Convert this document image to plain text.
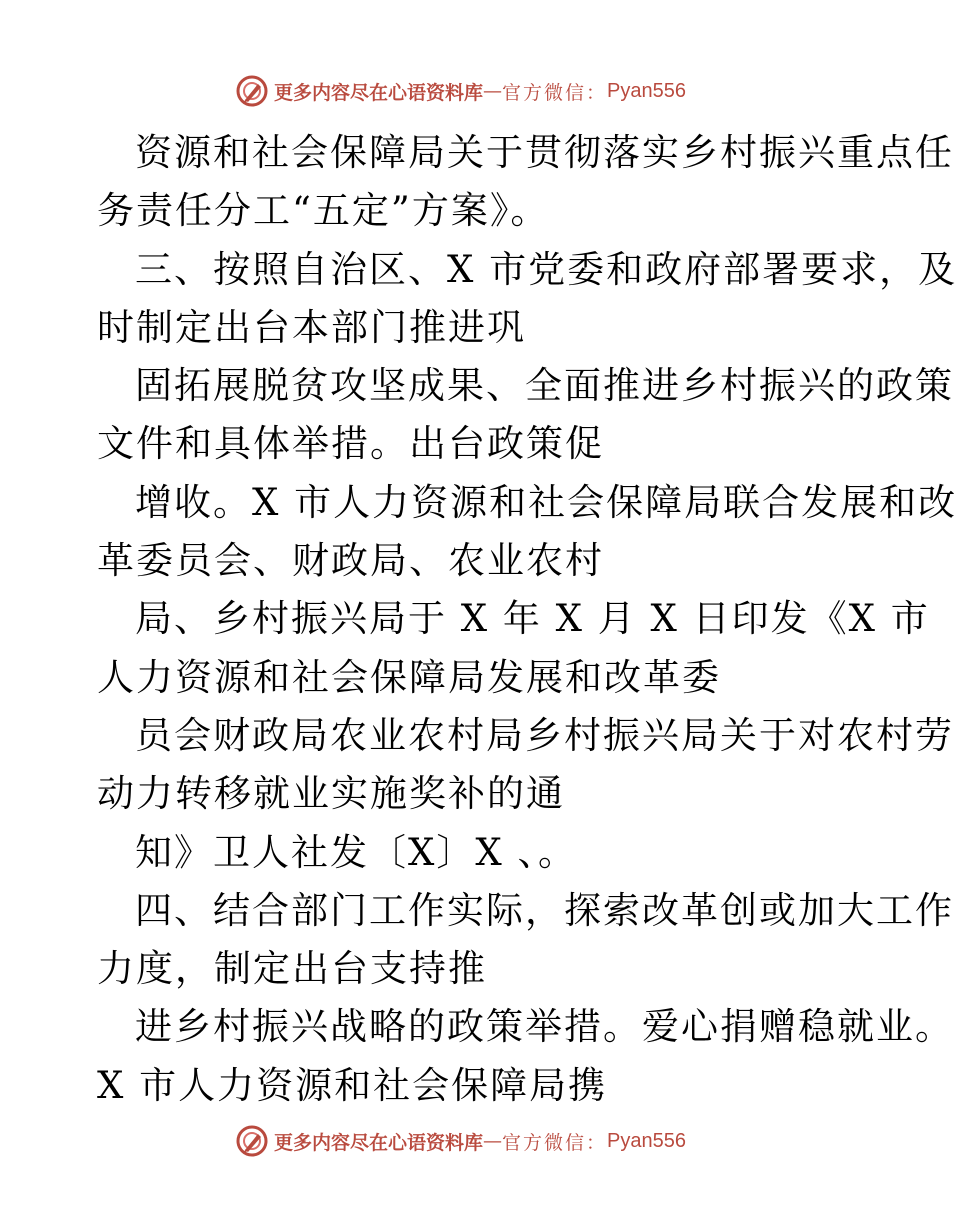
更多内容尽在心语资料库 — 官方微信： Pyan556
资源和社会保障局关于贯彻落实乡村振兴重点任
务责任分工“五定”方案》。
三、按照自治区、X 市党委和政府部署要求，及
时制定出台本部门推进巩
固拓展脱贫攻坚成果、全面推进乡村振兴的政策
文件和具体举措。出台政策促
增收。X 市人力资源和社会保障局联合发展和改
革委员会、财政局、农业农村
局、乡村振兴局于 X 年 X 月 X 日印发《X 市
人力资源和社会保障局发展和改革委
员会财政局农业农村局乡村振兴局关于对农村劳
动力转移就业实施奖补的通
知》卫人社发〔X〕X 、。
四、结合部门工作实际，探索改革创或加大工作
力度，制定出台支持推
进乡村振兴战略的政策举措。爱心捐赠稳就业。
X 市人力资源和社会保障局携
更多内容尽在心语资料库 — 官方微信： Pyan556
